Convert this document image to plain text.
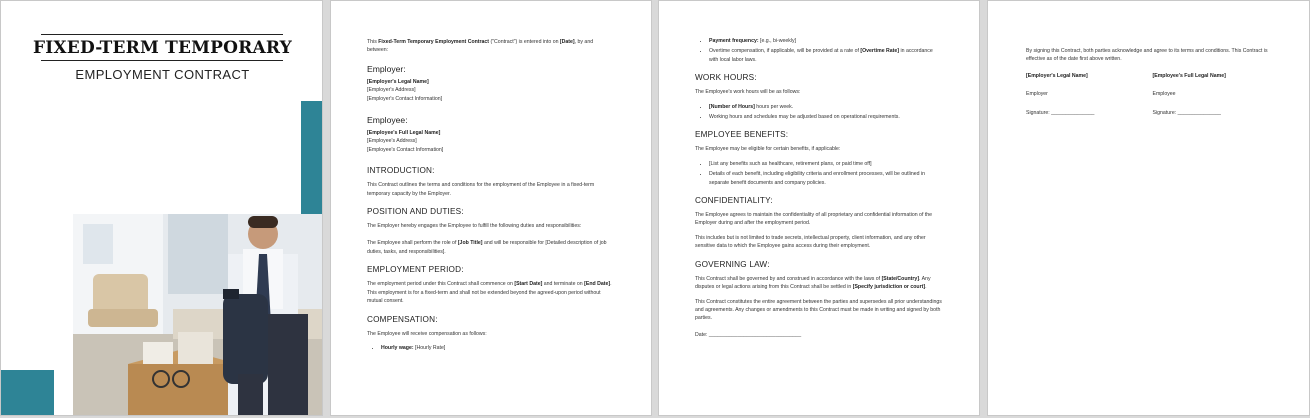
FIXED-TERM TEMPORARY
EMPLOYMENT CONTRACT

This Fixed-Term Temporary Employment Contract ("Contract") is entered into on [Date], by and between:

Employer:
[Employer's Legal Name]
[Employer's Address]
[Employer's Contact Information]
Employee:
[Employee's Full Legal Name]
[Employee's Address]
[Employee's Contact Information]
INTRODUCTION:

This Contract outlines the terms and conditions for the employment of the Employee in a fixed-term temporary capacity by the Employer.

POSITION AND DUTIES:

The Employer hereby engages the Employee to fulfill the following duties and responsibilities:

The Employee shall perform the role of [Job Title] and will be responsible for [Detailed description of job duties, tasks, and responsibilities].

EMPLOYMENT PERIOD:

The employment period under this Contract shall commence on [Start Date] and terminate on [End Date]. This employment is for a fixed-term and shall not be extended beyond the agreed-upon period without mutual consent.

COMPENSATION:

The Employee will receive compensation as follows:

• Hourly wage: [Hourly Rate]
• Payment frequency: [e.g., bi-weekly]
• Overtime compensation, if applicable, will be provided at a rate of [Overtime Rate] in accordance with local labor laws.
WORK HOURS:

The Employee's work hours will be as follows:

• [Number of Hours] hours per week.
• Working hours and schedules may be adjusted based on operational requirements.
EMPLOYEE BENEFITS:

The Employee may be eligible for certain benefits, if applicable:

• [List any benefits such as healthcare, retirement plans, or paid time off]
• Details of each benefit, including eligibility criteria and enrollment processes, will be outlined in separate benefit documents and company policies.
CONFIDENTIALITY:

The Employee agrees to maintain the confidentiality of all proprietary and confidential information of the Employer during and after the employment period.

This includes but is not limited to trade secrets, intellectual property, client information, and any other sensitive data to which the Employee gains access during their employment.

GOVERNING LAW:

This Contract shall be governed by and construed in accordance with the laws of [State/Country]. Any disputes or legal actions arising from this Contract shall be settled in [Specify jurisdiction or court].

This Contract constitutes the entire agreement between the parties and supersedes all prior understandings and agreements. Any changes or amendments to this Contract must be made in writing and signed by both parties.

Date: ________________________________

By signing this Contract, both parties acknowledge and agree to its terms and conditions. This Contract is effective as of the date first above written.

[Employer's Legal Name]
Employer
Signature: _______________
[Employee's Full Legal Name]
Employee
Signature: _______________
